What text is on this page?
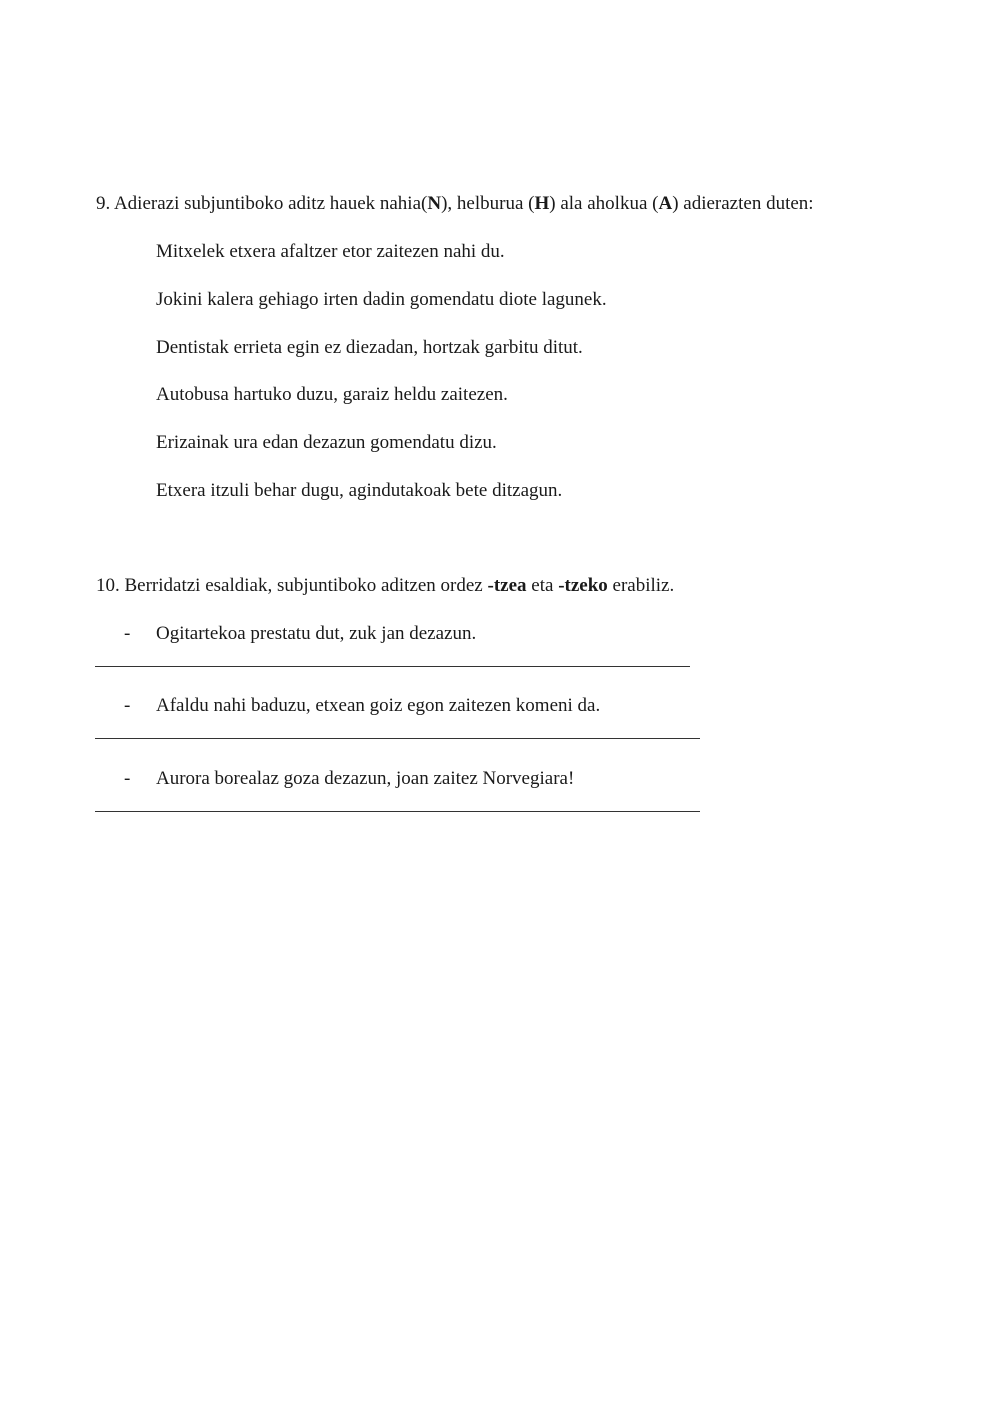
9. Adierazi subjuntiboko aditz hauek nahia(N), helburua (H) ala aholkua (A) adierazten duten:
Mitxelek etxera afaltzer etor zaitezen nahi du.
Jokini kalera gehiago irten dadin gomendatu diote lagunek.
Dentistak errieta egin ez diezadan, hortzak garbitu ditut.
Autobusa hartuko duzu, garaiz heldu zaitezen.
Erizainak ura edan dezazun gomendatu dizu.
Etxera itzuli behar dugu, agindutakoak bete ditzagun.
10. Berridatzi esaldiak, subjuntiboko aditzen ordez -tzea eta -tzeko erabiliz.
- Ogitartekoa prestatu dut, zuk jan dezazun.
- Afaldu nahi baduzu, etxean goiz egon zaitezen komeni da.
- Aurora borealaz goza dezazun, joan zaitez Norvegiara!
